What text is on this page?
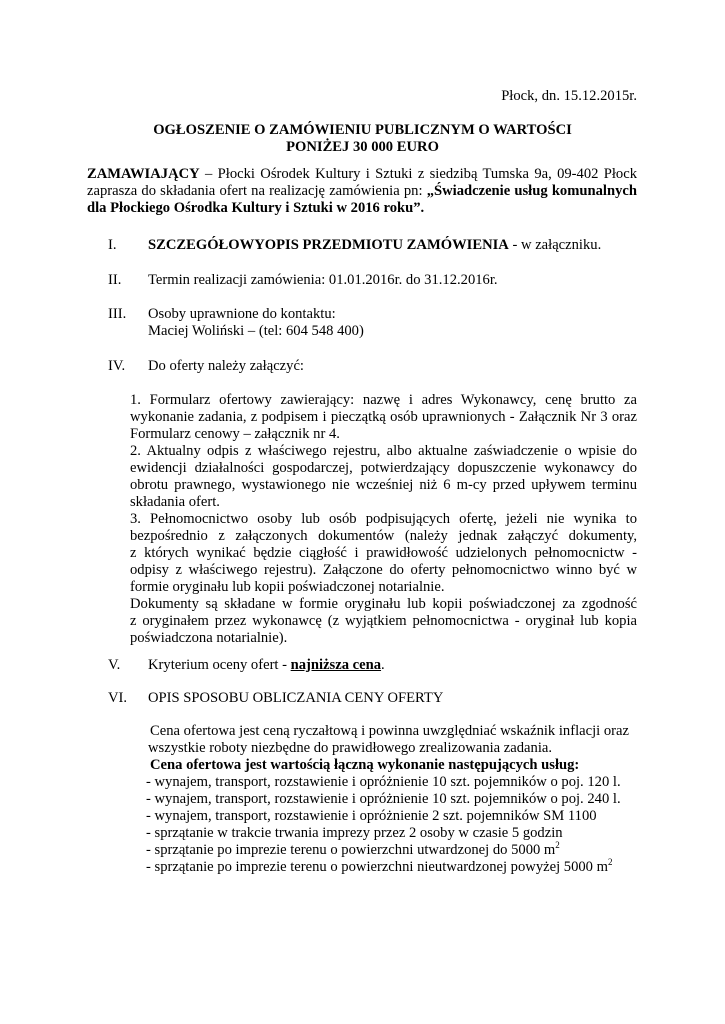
Płock, dn. 15.12.2015r.
OGŁOSZENIE O ZAMÓWIENIU PUBLICZNYM O WARTOŚCI
PONIŻEJ 30 000 EURO
ZAMAWIAJĄCY – Płocki Ośrodek Kultury i Sztuki z siedzibą Tumska 9a, 09-402 Płock
zaprasza do składania ofert na realizację zamówienia pn: „Świadczenie usług komunalnych
dla Płockiego Ośrodka Kultury i Sztuki w 2016 roku”.
I. SZCZEGÓŁOWYOPIS PRZEDMIOTU ZAMÓWIENIA - w załączniku.
II. Termin realizacji zamówienia: 01.01.2016r. do 31.12.2016r.
III. Osoby uprawnione do kontaktu:
Maciej Woliński – (tel: 604 548 400)
IV. Do oferty należy załączyć:
1. Formularz ofertowy zawierający: nazwę i adres Wykonawcy, cenę brutto za
wykonanie zadania, z podpisem i pieczątką osób uprawnionych - Załącznik Nr 3 oraz
Formularz cenowy – załącznik nr 4.
2. Aktualny odpis z właściwego rejestru, albo aktualne zaświadczenie o wpisie do
ewidencji działalności gospodarczej, potwierdzający dopuszczenie wykonawcy do
obrotu prawnego, wystawionego nie wcześniej niż 6 m-cy przed upływem terminu
składania ofert.
3. Pełnomocnictwo osoby lub osób podpisujących ofertę, jeżeli nie wynika to
bezpośrednio z załączonych dokumentów (należy jednak załączyć dokumenty,
z których wynikać będzie ciągłość i prawidłowość udzielonych pełnomocnictw -
odpisy z właściwego rejestru). Załączone do oferty pełnomocnictwo winno być w
formie oryginału lub kopii poświadczonej notarialnie.
Dokumenty są składane w formie oryginału lub kopii poświadczonej za zgodność
z oryginałem przez wykonawcę (z wyjątkiem pełnomocnictwa - oryginał lub kopia
poświadczona notarialnie).
V. Kryterium oceny ofert - najniższa cena.
VI. OPIS SPOSOBU OBLICZANIA CENY OFERTY
Cena ofertowa jest ceną ryczałtową i powinna uwzględniać wskaźnik inflacji oraz
wszystkie roboty niezbędne do prawidłowego zrealizowania zadania.
Cena ofertowa jest wartością łączną wykonanie następujących usług:
- wynajem, transport, rozstawienie i opróżnienie 10 szt. pojemników o poj. 120 l.
- wynajem, transport, rozstawienie i opróżnienie 10 szt. pojemników o poj. 240 l.
- wynajem, transport, rozstawienie i opróżnienie 2 szt. pojemników SM 1100
- sprzątanie w trakcie trwania imprezy przez 2 osoby w czasie 5 godzin
- sprzątanie po imprezie terenu o powierzchni utwardzonej do 5000 $m^2$
- sprzątanie po imprezie terenu o powierzchni nieutwardzonej powyżej 5000 $m^2$
